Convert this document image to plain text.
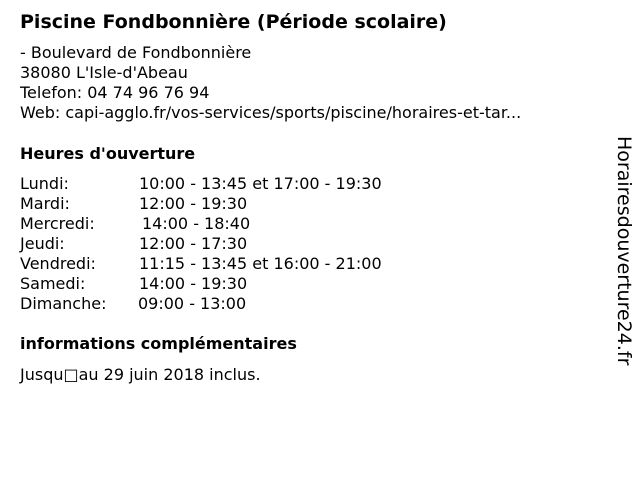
Piscine Fondbonnière (Période scolaire)
- Boulevard de Fondbonnière
38080 L'Isle-d'Abeau
Telefon: 04 74 96 76 94
Web: capi-agglo.fr/vos-services/sports/piscine/horaires-et-tar...
Heures d'ouverture
Lundi:	10:00 - 13:45 et 17:00 - 19:30
Mardi:	12:00 - 19:30
Mercredi:	14:00 - 18:40
Jeudi:	12:00 - 17:30
Vendredi:	11:15 - 13:45 et 16:00 - 21:00
Samedi:	14:00 - 19:30
Dimanche: 09:00 - 13:00
informations complémentaires
Jusqu□au 29 juin 2018 inclus.
Horairesdouverture24.fr
